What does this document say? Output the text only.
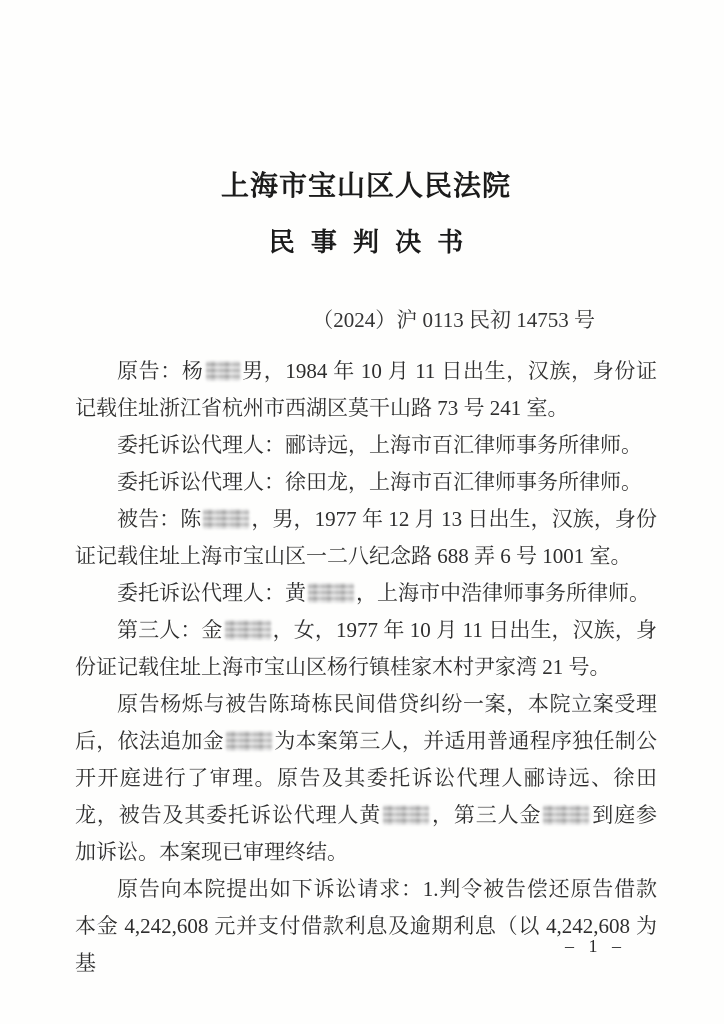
上海市宝山区人民法院
民事判决书
（2024）沪 0113 民初 14753 号

原告：杨 男，1984 年 10 月 11 日出生，汉族，身份证记载住址浙江省杭州市西湖区莫干山路 73 号 241 室。

委托诉讼代理人：郦诗远，上海市百汇律师事务所律师。

委托诉讼代理人：徐田龙，上海市百汇律师事务所律师。

被告：陈 ，男，1977 年 12 月 13 日出生，汉族，身份证记载住址上海市宝山区一二八纪念路 688 弄 6 号 1001 室。

委托诉讼代理人：黄 ，上海市中浩律师事务所律师。

第三人：金 ，女，1977 年 10 月 11 日出生，汉族，身份证记载住址上海市宝山区杨行镇桂家木村尹家湾 21 号。

原告杨烁与被告陈琦栋民间借贷纠纷一案，本院立案受理后，依法追加金 为本案第三人，并适用普通程序独任制公开开庭进行了审理。原告及其委托诉讼代理人郦诗远、徐田龙，被告及其委托诉讼代理人黄 ，第三人金 到庭参加诉讼。本案现已审理终结。

原告向本院提出如下诉讼请求：1.判令被告偿还原告借款本金 4,242,608 元并支付借款利息及逾期利息（以 4,242,608 为基

– 1 –
